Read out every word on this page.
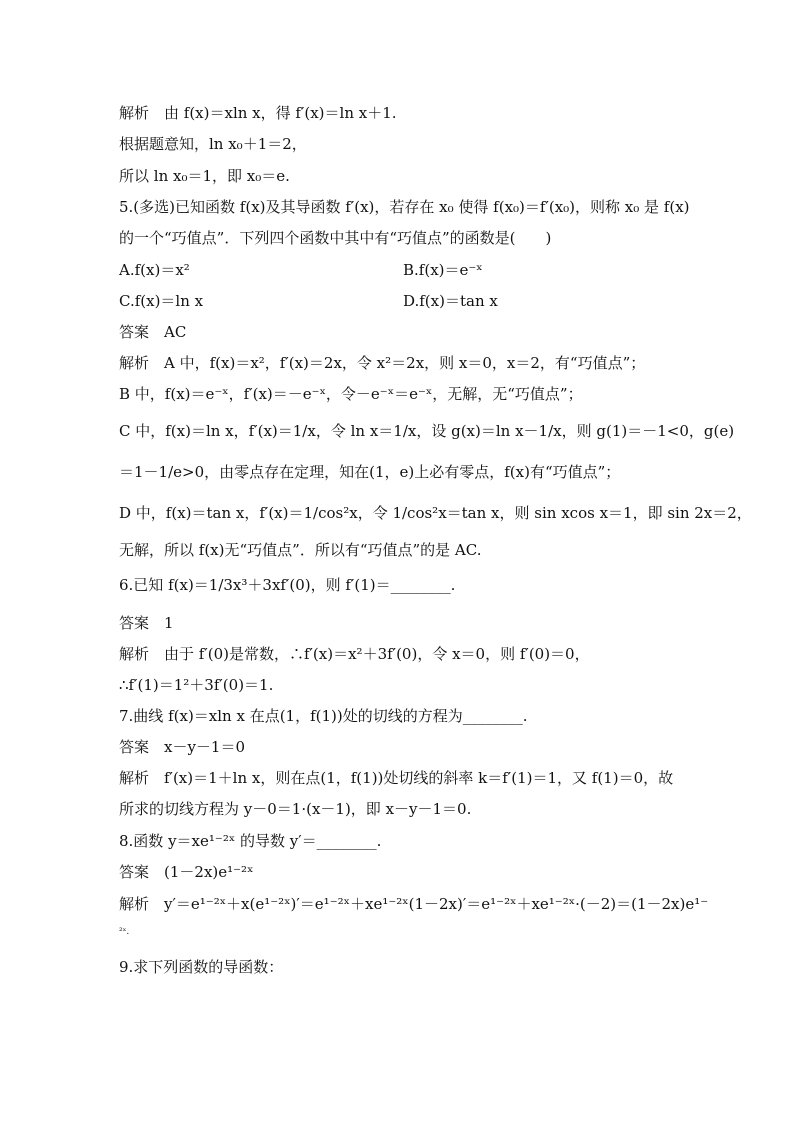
解析　由 f(x)＝xln x，得 f′(x)＝ln x＋1.
根据题意知，ln x₀＋1＝2，
所以 ln x₀＝1，即 x₀＝e.
5.(多选)已知函数 f(x)及其导函数 f′(x)，若存在 x₀ 使得 f(x₀)＝f′(x₀)，则称 x₀ 是 f(x)
的一个“巧值点”．下列四个函数中其中有“巧值点”的函数是(　　)
A.f(x)＝x²	B.f(x)＝e⁻ˣ
C.f(x)＝ln x	D.f(x)＝tan x
答案　AC
解析　A 中，f(x)＝x²，f′(x)＝2x，令 x²＝2x，则 x＝0，x＝2，有“巧值点”；
B 中，f(x)＝e⁻ˣ，f′(x)＝－e⁻ˣ，令－e⁻ˣ＝e⁻ˣ，无解，无“巧值点”；
C 中，f(x)＝ln x，f′(x)＝1/x，令 ln x＝1/x，设 g(x)＝ln x－1/x，则 g(1)＝－1<0，g(e)
＝1－1/e>0，由零点存在定理，知在(1，e)上必有零点，f(x)有“巧值点”；
D 中，f(x)＝tan x，f′(x)＝1/cos²x，令 1/cos²x＝tan x，则 sin xcos x＝1，即 sin 2x＝2，
无解，所以 f(x)无“巧值点”．所以有“巧值点”的是 AC.
6.已知 f(x)＝1/3x³＋3xf′(0)，则 f′(1)＝________.
答案　1
解析　由于 f′(0)是常数，∴f′(x)＝x²＋3f′(0)，令 x＝0，则 f′(0)＝0，
∴f′(1)＝1²＋3f′(0)＝1.
7.曲线 f(x)＝xln x 在点(1，f(1))处的切线的方程为________.
答案　x－y－1＝0
解析　f′(x)＝1＋ln x，则在点(1，f(1))处切线的斜率 k＝f′(1)＝1，又 f(1)＝0，故
所求的切线方程为 y－0＝1·(x－1)，即 x－y－1＝0.
8.函数 y＝xe¹⁻²ˣ 的导数 y′＝________.
答案　(1－2x)e¹⁻²ˣ
解析　y′＝e¹⁻²ˣ＋x(e¹⁻²ˣ)′＝e¹⁻²ˣ＋xe¹⁻²ˣ(1－2x)′＝e¹⁻²ˣ＋xe¹⁻²ˣ·(－2)＝(1－2x)e¹⁻
²ˣ.
9.求下列函数的导函数：
